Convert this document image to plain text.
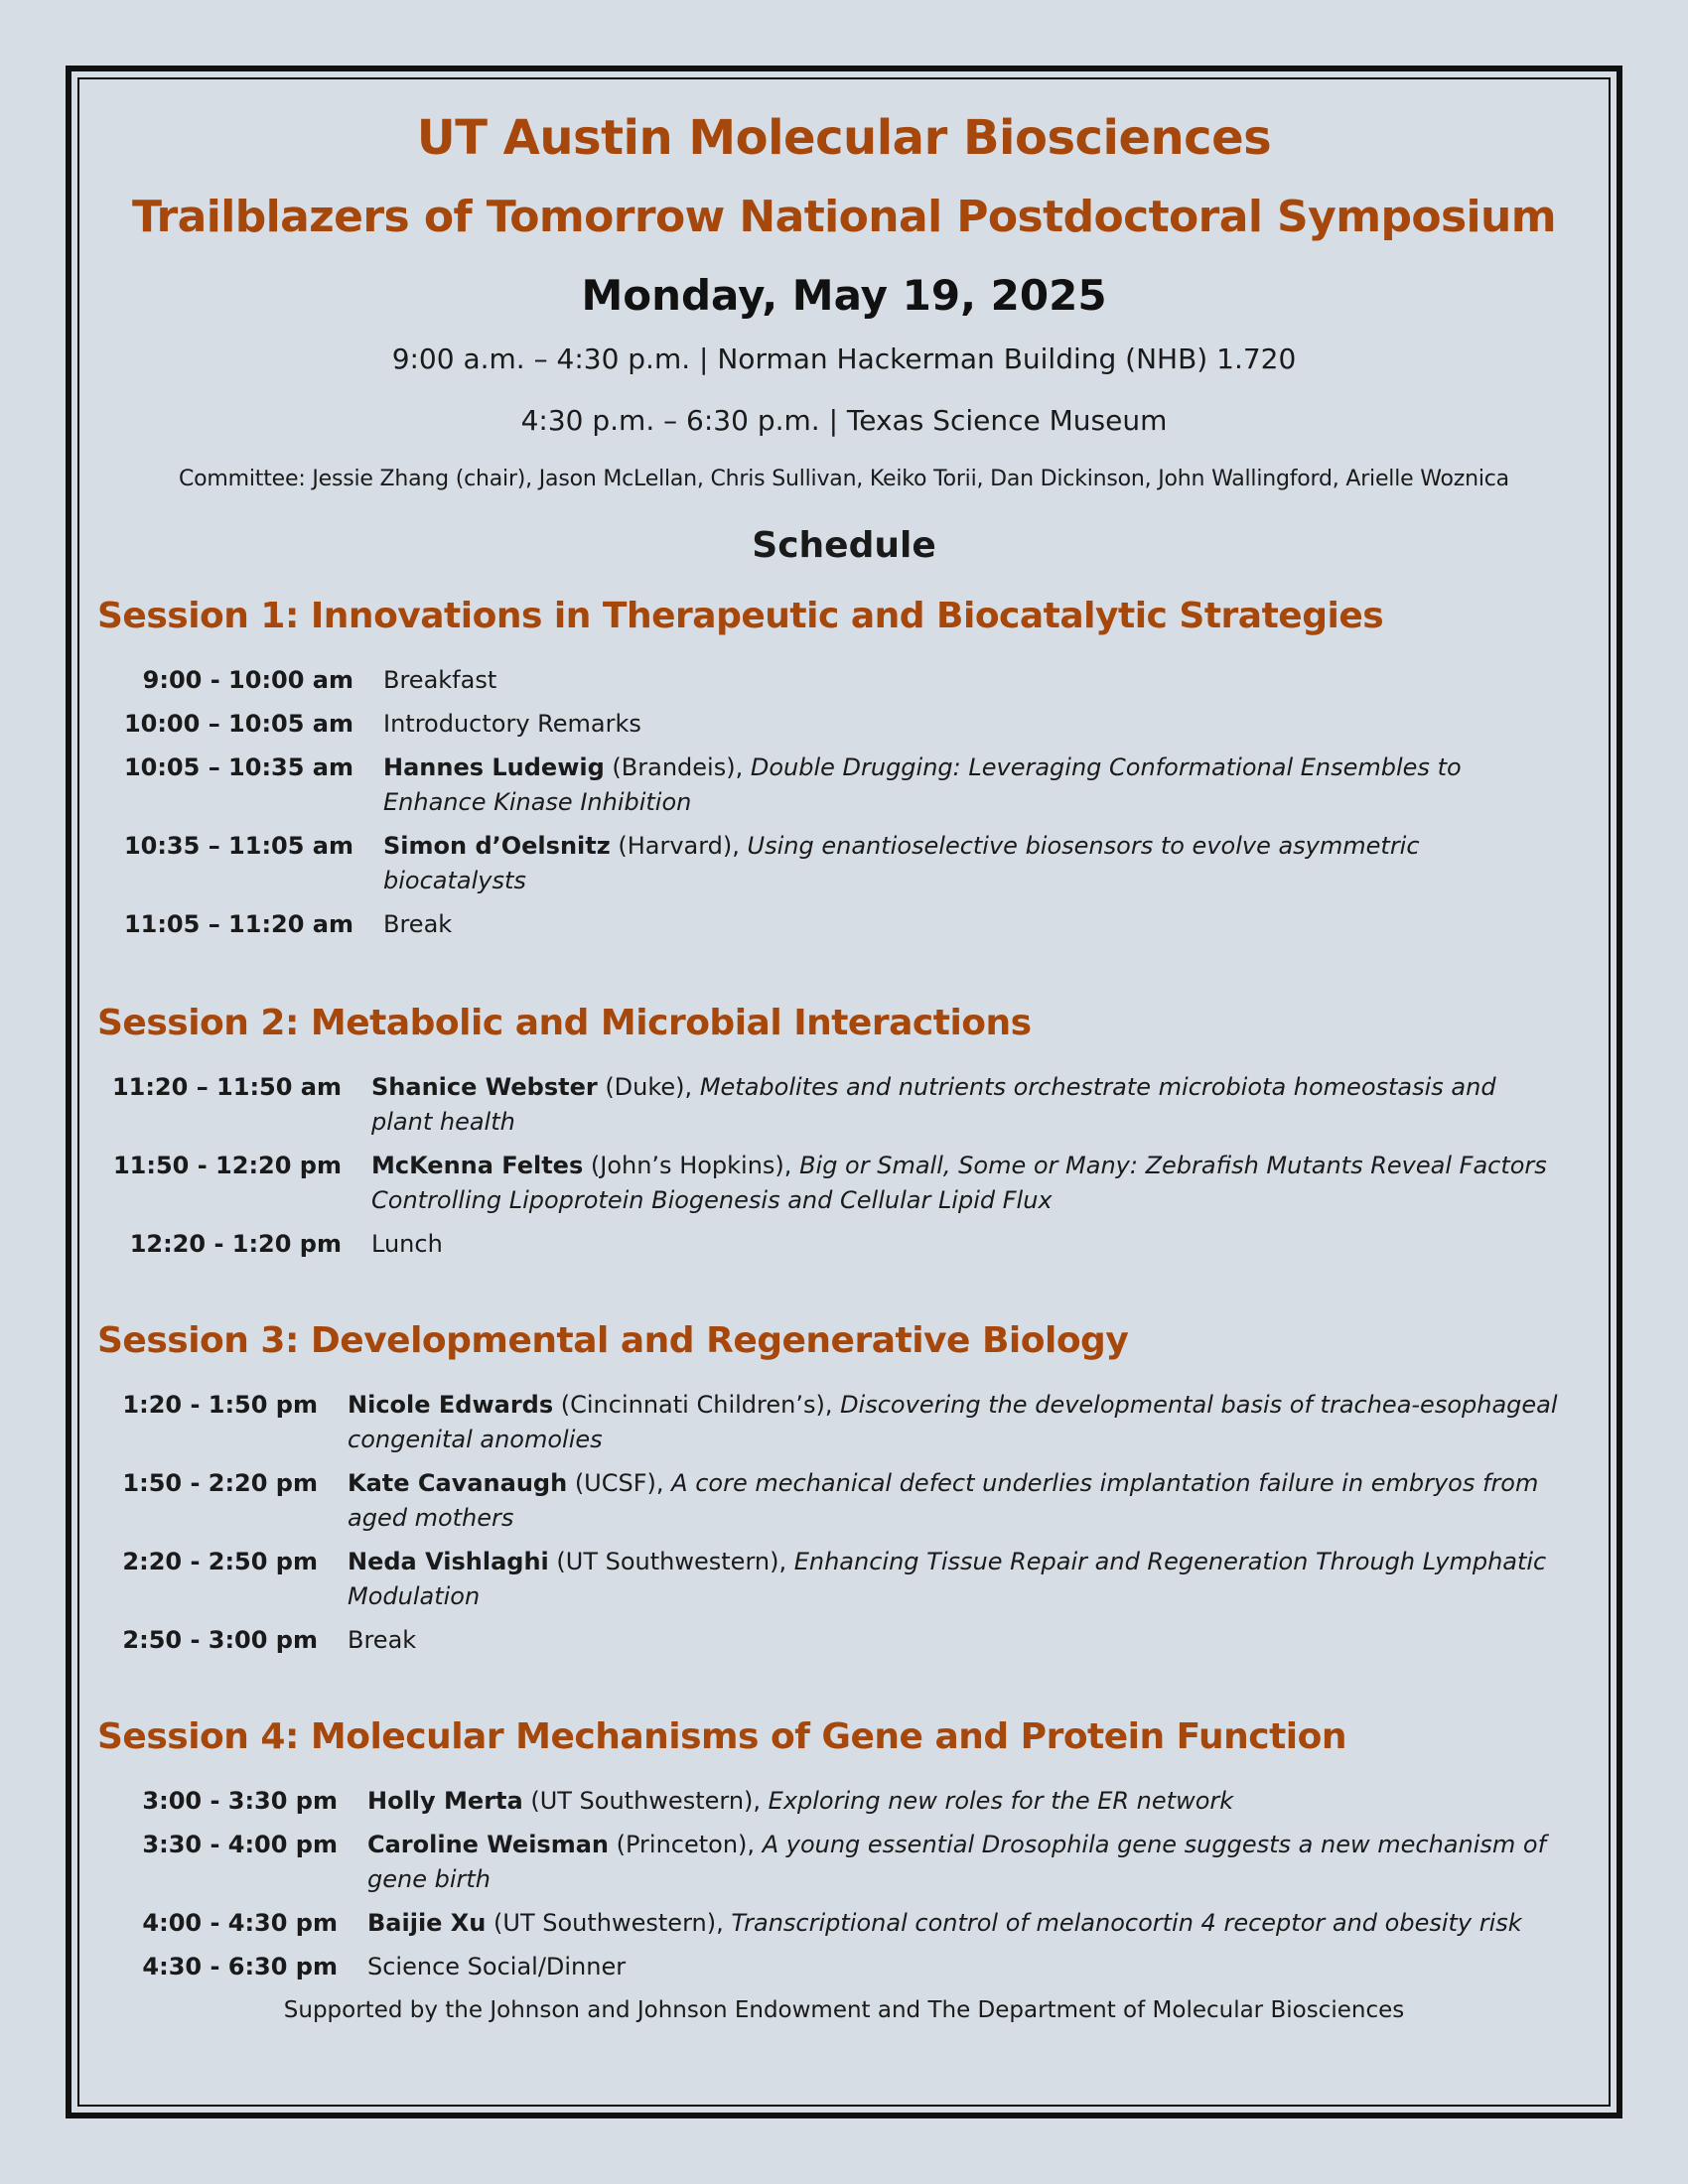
UT Austin Molecular Biosciences
Trailblazers of Tomorrow National Postdoctoral Symposium
Monday, May 19, 2025
9:00 a.m. – 4:30 p.m. | Norman Hackerman Building (NHB) 1.720
4:30 p.m. – 6:30 p.m. | Texas Science Museum
Committee: Jessie Zhang (chair), Jason McLellan, Chris Sullivan, Keiko Torii, Dan Dickinson, John Wallingford, Arielle Woznica
Schedule
Session 1: Innovations in Therapeutic and Biocatalytic Strategies
9:00 - 10:00 am	Breakfast
10:00 – 10:05 am	Introductory Remarks
10:05 – 10:35 am	Hannes Ludewig (Brandeis), Double Drugging: Leveraging Conformational Ensembles to Enhance Kinase Inhibition
10:35 – 11:05 am	Simon d’Oelsnitz (Harvard), Using enantioselective biosensors to evolve asymmetric biocatalysts
11:05 – 11:20 am	Break
Session 2: Metabolic and Microbial Interactions
11:20 – 11:50 am	Shanice Webster (Duke), Metabolites and nutrients orchestrate microbiota homeostasis and plant health
11:50 - 12:20 pm	McKenna Feltes (John’s Hopkins), Big or Small, Some or Many: Zebrafish Mutants Reveal Factors Controlling Lipoprotein Biogenesis and Cellular Lipid Flux
12:20 - 1:20 pm	Lunch
Session 3: Developmental and Regenerative Biology
1:20 - 1:50 pm	Nicole Edwards (Cincinnati Children’s), Discovering the developmental basis of trachea-esophageal congenital anomolies
1:50 - 2:20 pm	Kate Cavanaugh (UCSF), A core mechanical defect underlies implantation failure in embryos from aged mothers
2:20 - 2:50 pm	Neda Vishlaghi (UT Southwestern), Enhancing Tissue Repair and Regeneration Through Lymphatic Modulation
2:50 - 3:00 pm	Break
Session 4: Molecular Mechanisms of Gene and Protein Function
3:00 - 3:30 pm	Holly Merta (UT Southwestern), Exploring new roles for the ER network
3:30 - 4:00 pm	Caroline Weisman (Princeton), A young essential Drosophila gene suggests a new mechanism of gene birth
4:00 - 4:30 pm	Baijie Xu (UT Southwestern), Transcriptional control of melanocortin 4 receptor and obesity risk
4:30 - 6:30 pm	Science Social/Dinner
Supported by the Johnson and Johnson Endowment and The Department of Molecular Biosciences
